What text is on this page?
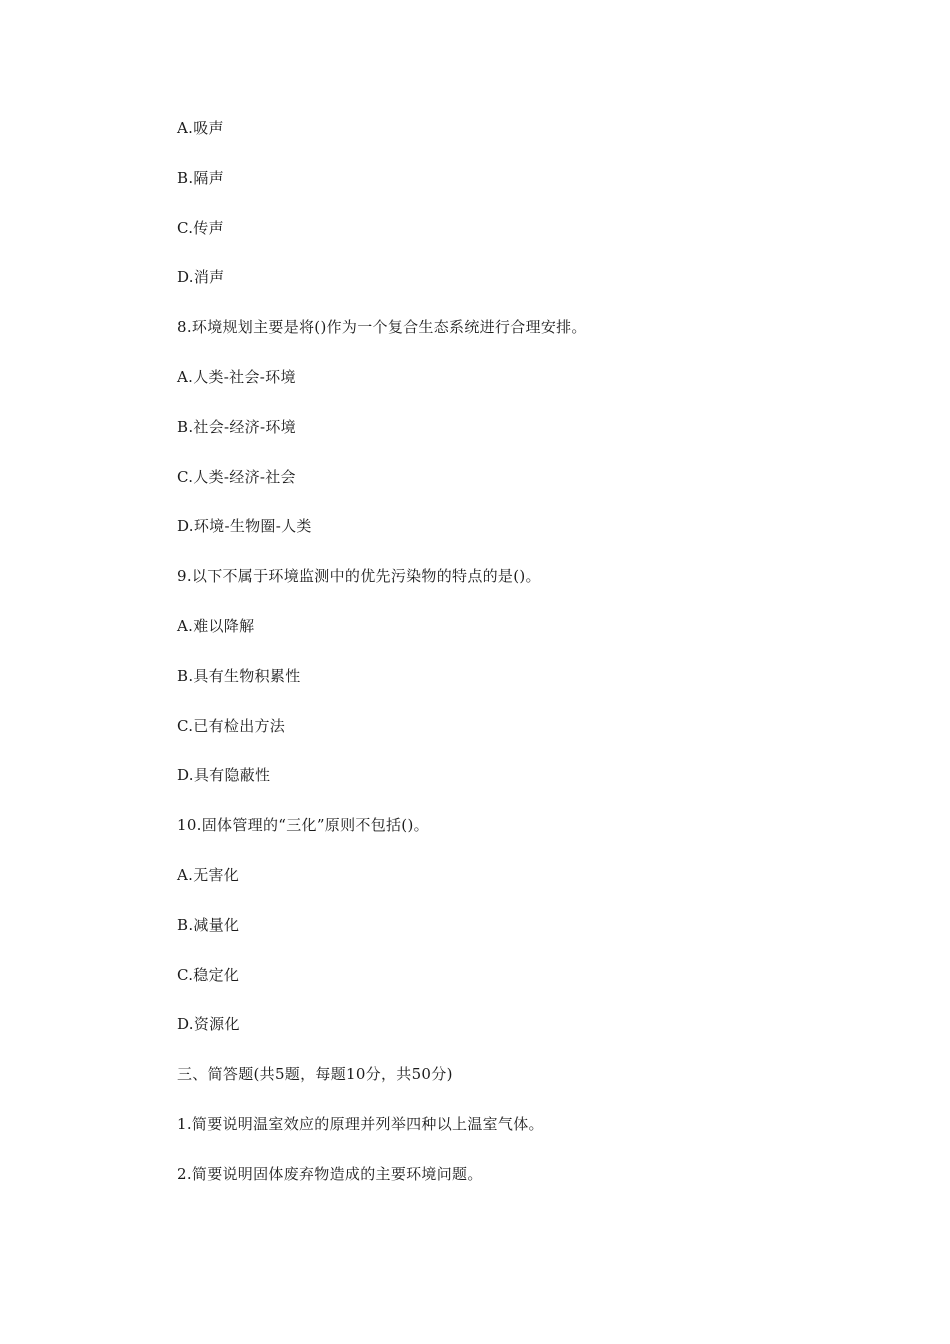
A.吸声
B.隔声
C.传声
D.消声
8.环境规划主要是将()作为一个复合生态系统进行合理安排。
A.人类-社会-环境
B.社会-经济-环境
C.人类-经济-社会
D.环境-生物圈-人类
9.以下不属于环境监测中的优先污染物的特点的是()。
A.难以降解
B.具有生物积累性
C.已有检出方法
D.具有隐蔽性
10.固体管理的“三化”原则不包括()。
A.无害化
B.减量化
C.稳定化
D.资源化
三、简答题(共5题，每题10分，共50分)
1.简要说明温室效应的原理并列举四种以上温室气体。
2.简要说明固体废弃物造成的主要环境问题。
